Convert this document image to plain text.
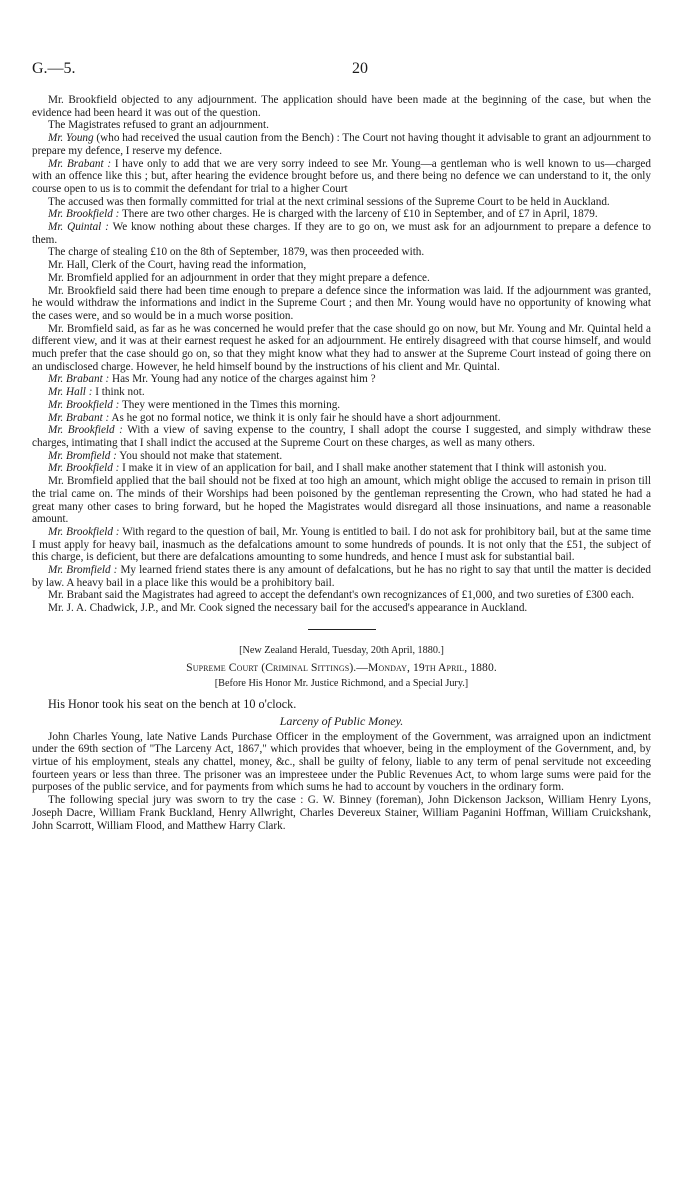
G.—5.	20

Mr. Brookfield objected to any adjournment. The application should have been made at the beginning of the case, but when the evidence had been heard it was out of the question.

The Magistrates refused to grant an adjournment.

Mr. Young (who had received the usual caution from the Bench) : The Court not having thought it advisable to grant an adjournment to prepare my defence, I reserve my defence.

Mr. Brabant : I have only to add that we are very sorry indeed to see Mr. Young—a gentleman who is well known to us—charged with an offence like this ; but, after hearing the evidence brought before us, and there being no defence we can understand to it, the only course open to us is to commit the defendant for trial to a higher Court

The accused was then formally committed for trial at the next criminal sessions of the Supreme Court to be held in Auckland.

Mr. Brookfield : There are two other charges. He is charged with the larceny of £10 in September, and of £7 in April, 1879.

Mr. Quintal : We know nothing about these charges. If they are to go on, we must ask for an adjournment to prepare a defence to them.

The charge of stealing £10 on the 8th of September, 1879, was then proceeded with.

Mr. Hall, Clerk of the Court, having read the information,

Mr. Bromfield applied for an adjournment in order that they might prepare a defence.

Mr. Brookfield said there had been time enough to prepare a defence since the information was laid. If the adjournment was granted, he would withdraw the informations and indict in the Supreme Court ; and then Mr. Young would have no opportunity of knowing what the cases were, and so would be in a much worse position.

Mr. Bromfield said, as far as he was concerned he would prefer that the case should go on now, but Mr. Young and Mr. Quintal held a different view, and it was at their earnest request he asked for an adjournment. He entirely disagreed with that course himself, and would much prefer that the case should go on, so that they might know what they had to answer at the Supreme Court instead of going there on an undisclosed charge. However, he held himself bound by the instructions of his client and Mr. Quintal.

Mr. Brabant : Has Mr. Young had any notice of the charges against him ?

Mr. Hall : I think not.

Mr. Brookfield : They were mentioned in the Times this morning.

Mr. Brabant : As he got no formal notice, we think it is only fair he should have a short adjournment.

Mr. Brookfield : With a view of saving expense to the country, I shall adopt the course I suggested, and simply withdraw these charges, intimating that I shall indict the accused at the Supreme Court on these charges, as well as many others.

Mr. Bromfield : You should not make that statement.

Mr. Brookfield : I make it in view of an application for bail, and I shall make another statement that I think will astonish you.

Mr. Bromfield applied that the bail should not be fixed at too high an amount, which might oblige the accused to remain in prison till the trial came on. The minds of their Worships had been poisoned by the gentleman representing the Crown, who had stated he had a great many other cases to bring forward, but he hoped the Magistrates would disregard all those insinuations, and name a reasonable amount.

Mr. Brookfield : With regard to the question of bail, Mr. Young is entitled to bail. I do not ask for prohibitory bail, but at the same time I must apply for heavy bail, inasmuch as the defalcations amount to some hundreds of pounds. It is not only that the £51, the subject of this charge, is deficient, but there are defalcations amounting to some hundreds, and hence I must ask for substantial bail.

Mr. Bromfield : My learned friend states there is any amount of defalcations, but he has no right to say that until the matter is decided by law. A heavy bail in a place like this would be a prohibitory bail.

Mr. Brabant said the Magistrates had agreed to accept the defendant's own recognizances of £1,000, and two sureties of £300 each.

Mr. J. A. Chadwick, J.P., and Mr. Cook signed the necessary bail for the accused's appearance in Auckland.

[New Zealand Herald, Tuesday, 20th April, 1880.]

Supreme Court (Criminal Sittings).—Monday, 19th April, 1880.

[Before His Honor Mr. Justice Richmond, and a Special Jury.]

His Honor took his seat on the bench at 10 o'clock.

Larceny of Public Money.

John Charles Young, late Native Lands Purchase Officer in the employment of the Government, was arraigned upon an indictment under the 69th section of "The Larceny Act, 1867," which provides that whoever, being in the employment of the Government, and, by virtue of his employment, steals any chattel, money, &c., shall be guilty of felony, liable to any term of penal servitude not exceeding fourteen years or less than three. The prisoner was an impresteee under the Public Revenues Act, to whom large sums were paid for the purposes of the public service, and for payments from which sums he had to account by vouchers in the ordinary form.

The following special jury was sworn to try the case : G. W. Binney (foreman), John Dickenson Jackson, William Henry Lyons, Joseph Dacre, William Frank Buckland, Henry Allwright, Charles Devereux Stainer, William Paganini Hoffman, William Cruickshank, John Scarrott, William Flood, and Matthew Harry Clark.
